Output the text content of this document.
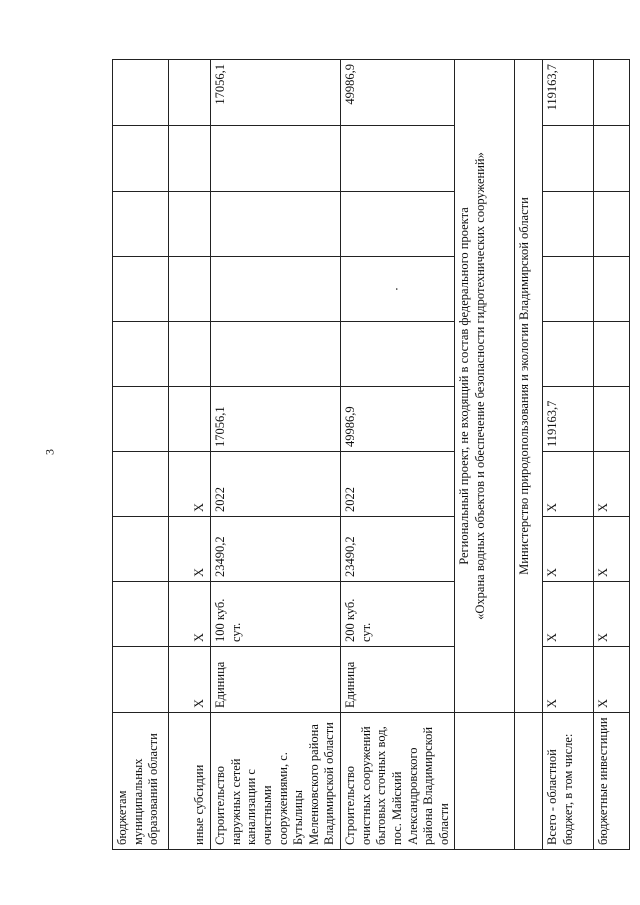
3
бюджетам муниципальных образований области										
иные субсидии	Х	Х	Х	Х						
Строительство наружных сетей канализации с очистными сооружениями, с. Бутылицы Меленковского района Владимирской области	Единица	100 куб. сут.	23490,2	2022	17056,1					17056,1
Строительство очистных сооружений бытовых сточных вод, пос. Майский Александровского района Владимирской области	Единица	200 куб. сут.	23490,2	2022	49986,9		·			49986,9

	Региональный проект, не входящий в состав федерального проекта «Охрана водных объектов и обеспечение безопасности гидротехнических сооружений»									

	Министерство природопользования и экологии Владимирской области									
Всего - областной бюджет, в том числе:	Х	Х	Х	Х	119163,7					119163,7
бюджетные инвестиции	Х	Х	Х	Х						
